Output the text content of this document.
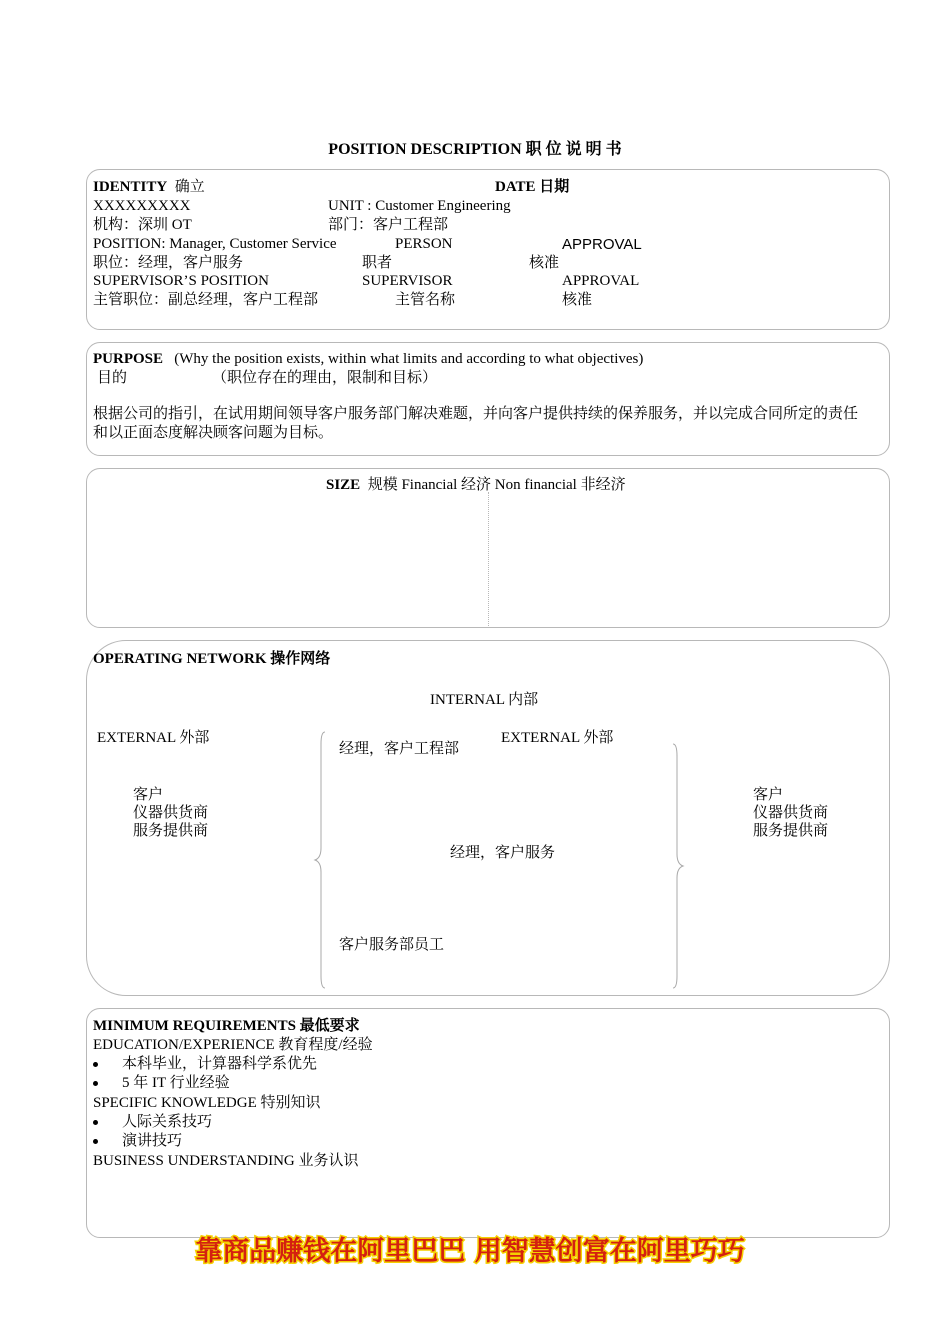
POSITION DESCRIPTION 职 位 说 明 书
IDENTITY 确立	DATE 日期
XXXXXXXXX	UNIT : Customer Engineering
机构：深圳 OT	部门：客户工程部
POSITION: Manager, Customer Service	PERSON	APPROVAL
职位：经理，客户服务	职者	核准
SUPERVISOR’S POSITION	SUPERVISOR	APPROVAL
主管职位：副总经理，客户工程部	主管名称	核准
PURPOSE (Why the position exists, within what limits and according to what objectives)
目的	（职位存在的理由，限制和目标）
根据公司的指引，在试用期间领导客户服务部门解决难题，并向客户提供持续的保养服务，并以完成合同所定的责任
和以正面态度解决顾客问题为目标。
SIZE 规模 Financial 经济 Non financial 非经济
OPERATING NETWORK 操作网络
INTERNAL 内部
EXTERNAL 外部	EXTERNAL 外部
经理，客户工程部
经理，客户服务
客户服务部员工
客户
仪器供货商
服务提供商
客户
仪器供货商
服务提供商
MINIMUM REQUIREMENTS 最低要求
EDUCATION/EXPERIENCE 教育程度/经验
本科毕业，计算器科学系优先
5 年 IT 行业经验
SPECIFIC KNOWLEDGE 特别知识
人际关系技巧
演讲技巧
BUSINESS UNDERSTANDING 业务认识
靠商品赚钱在阿里巴巴 用智慧创富在阿里巧巧
